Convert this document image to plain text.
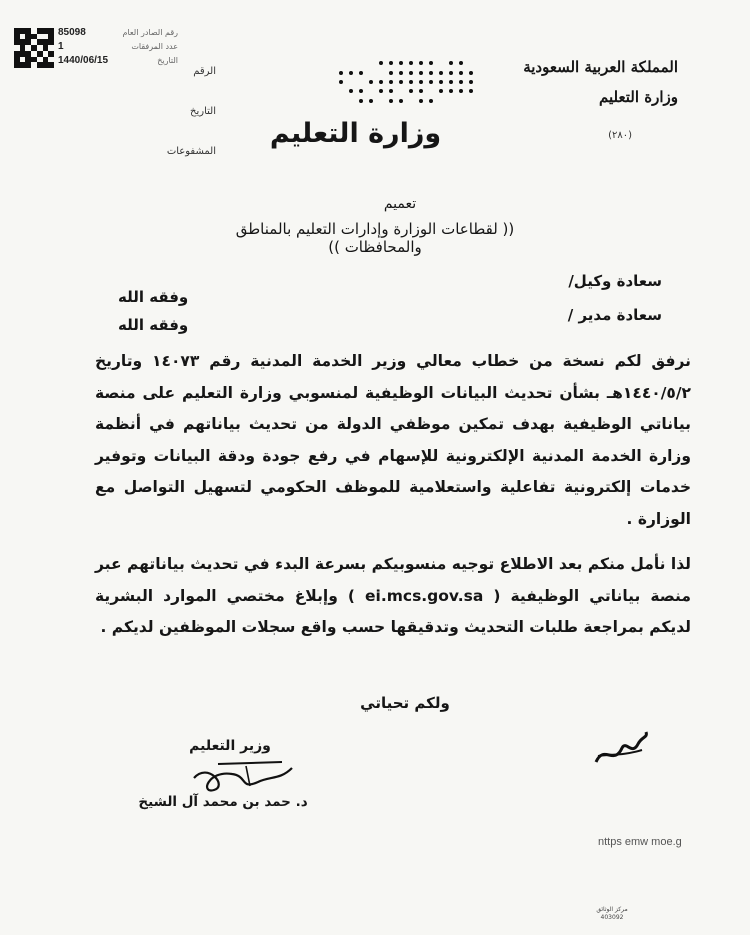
رقم الصادر العام
85098
عدد المرفقات
1
التاريخ
1440/06/15
الرقم
التاريخ
المشفوعات
المملكة العربية السعودية
وزارة التعليم
(٢٨٠)
وزارة التعليم
تعميم
(( لقطاعات الوزارة وإدارات التعليم بالمناطق والمحافظات ))
سعادة وكيل/
وفقه الله
سعادة مدير /
وفقه الله

نرفق لكم نسخة من خطاب معالي وزير الخدمة المدنية رقم ١٤٠٧٣ وتاريخ ١٤٤٠/٥/٢هـ بشأن تحديث البيانات الوظيفية لمنسوبي وزارة التعليم على منصة بياناتي الوظيفية بهدف تمكين موظفي الدولة من تحديث بياناتهم في أنظمة وزارة الخدمة المدنية الإلكترونية للإسهام في رفع جودة ودقة البيانات وتوفير خدمات إلكترونية تفاعلية واستعلامية للموظف الحكومي لتسهيل التواصل مع الوزارة .

لذا نأمل منكم بعد الاطلاع توجيه منسوبيكم بسرعة البدء في تحديث بياناتهم عبر منصة بياناتي الوظيفية ( ei.mcs.gov.sa ) وإبلاغ مختصي الموارد البشرية لديكم بمراجعة طلبات التحديث وتدقيقها حسب واقع سجلات الموظفين لديكم .

ولكم تحياتي
وزير التعليم
د. حمد بن محمد آل الشيخ
nttps emw moe.g
مركز الوثائق
403092
